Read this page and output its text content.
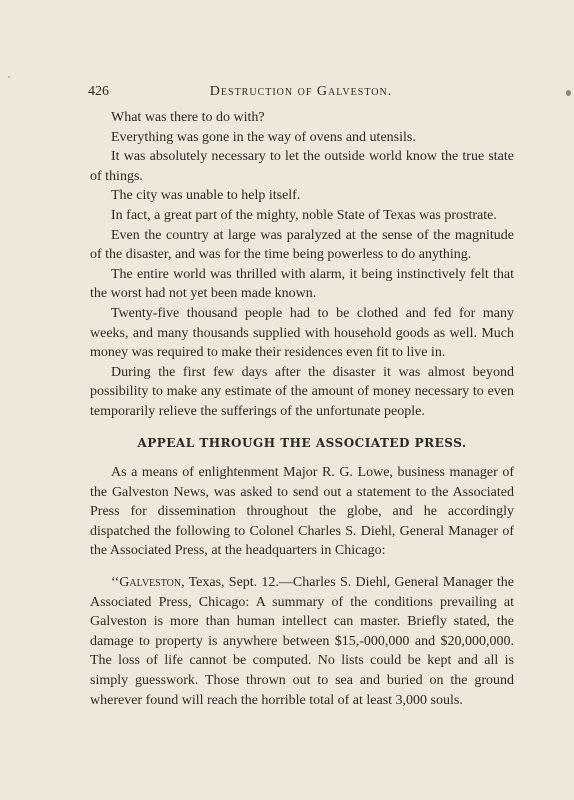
426	Destruction of Galveston.

What was there to do with?

Everything was gone in the way of ovens and utensils.

It was absolutely necessary to let the outside world know the true state of things.

The city was unable to help itself.

In fact, a great part of the mighty, noble State of Texas was prostrate.

Even the country at large was paralyzed at the sense of the magnitude of the disaster, and was for the time being powerless to do anything.

The entire world was thrilled with alarm, it being instinctively felt that the worst had not yet been made known.

Twenty-five thousand people had to be clothed and fed for many weeks, and many thousands supplied with household goods as well. Much money was required to make their residences even fit to live in.

During the first few days after the disaster it was almost beyond possibility to make any estimate of the amount of money necessary to even temporarily relieve the sufferings of the unfortunate people.

APPEAL THROUGH THE ASSOCIATED PRESS.

As a means of enlightenment Major R. G. Lowe, business manager of the Galveston News, was asked to send out a statement to the Associated Press for dissemination throughout the globe, and he accordingly dispatched the following to Colonel Charles S. Diehl, General Manager of the Associated Press, at the headquarters in Chicago:

‘‘Galveston, Texas, Sept. 12.—Charles S. Diehl, General Manager the Associated Press, Chicago: A summary of the conditions prevailing at Galveston is more than human intellect can master. Briefly stated, the damage to property is anywhere between $15,-000,000 and $20,000,000. The loss of life cannot be computed. No lists could be kept and all is simply guesswork. Those thrown out to sea and buried on the ground wherever found will reach the horrible total of at least 3,000 souls.
